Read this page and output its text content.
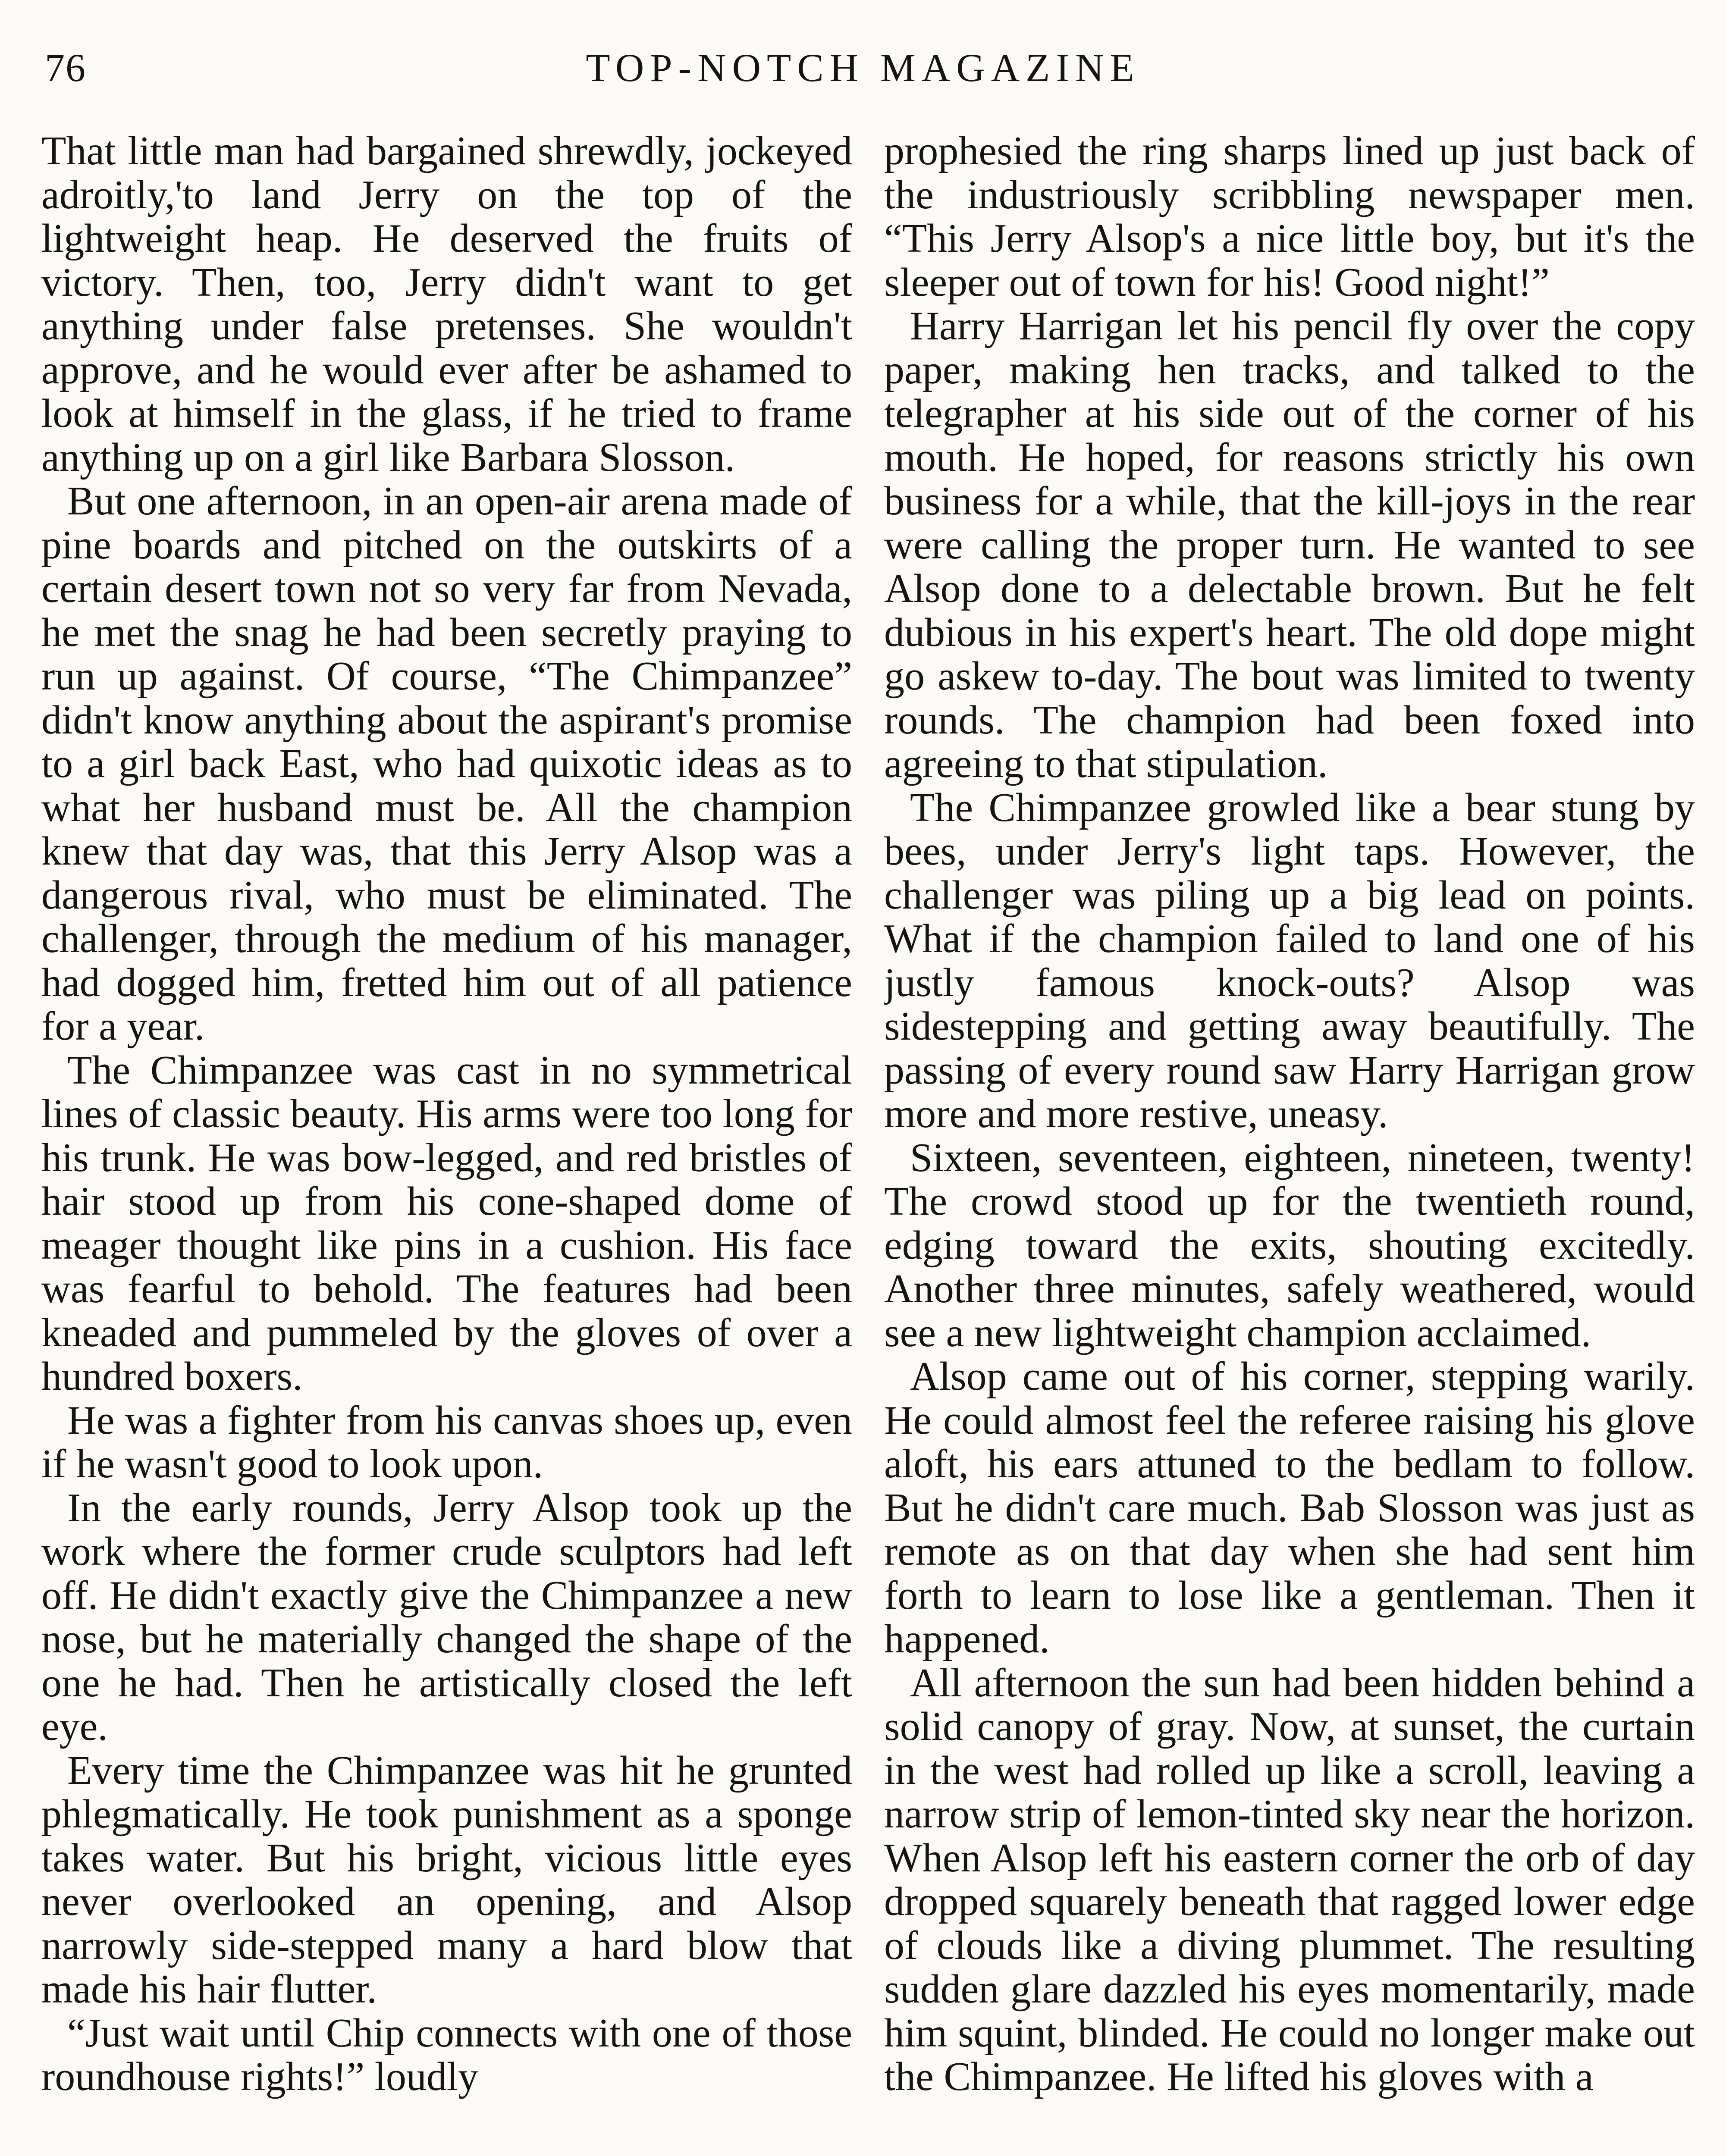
76	TOP-NOTCH MAGAZINE

That little man had bargained shrewdly, jockeyed adroitly,'to land Jerry on the top of the lightweight heap. He deserved the fruits of victory. Then, too, Jerry didn't want to get anything under false pretenses. She wouldn't approve, and he would ever after be ashamed to look at himself in the glass, if he tried to frame anything up on a girl like Barbara Slosson.

But one afternoon, in an open-air arena made of pine boards and pitched on the outskirts of a certain desert town not so very far from Nevada, he met the snag he had been secretly praying to run up against. Of course, “The Chimpanzee” didn't know anything about the aspirant's promise to a girl back East, who had quixotic ideas as to what her husband must be. All the champion knew that day was, that this Jerry Alsop was a dangerous rival, who must be eliminated. The challenger, through the medium of his manager, had dogged him, fretted him out of all patience for a year.

The Chimpanzee was cast in no symmetrical lines of classic beauty. His arms were too long for his trunk. He was bow-legged, and red bristles of hair stood up from his cone-shaped dome of meager thought like pins in a cushion. His face was fearful to behold. The features had been kneaded and pummeled by the gloves of over a hundred boxers.

He was a fighter from his canvas shoes up, even if he wasn't good to look upon.

In the early rounds, Jerry Alsop took up the work where the former crude sculptors had left off. He didn't exactly give the Chimpanzee a new nose, but he materially changed the shape of the one he had. Then he artistically closed the left eye.

Every time the Chimpanzee was hit he grunted phlegmatically. He took punishment as a sponge takes water. But his bright, vicious little eyes never overlooked an opening, and Alsop narrowly side-stepped many a hard blow that made his hair flutter.

“Just wait until Chip connects with one of those roundhouse rights!” loudly

prophesied the ring sharps lined up just back of the industriously scribbling newspaper men. “This Jerry Alsop's a nice little boy, but it's the sleeper out of town for his! Good night!”

Harry Harrigan let his pencil fly over the copy paper, making hen tracks, and talked to the telegrapher at his side out of the corner of his mouth. He hoped, for reasons strictly his own business for a while, that the kill-joys in the rear were calling the proper turn. He wanted to see Alsop done to a delectable brown. But he felt dubious in his expert's heart. The old dope might go askew to-day. The bout was limited to twenty rounds. The champion had been foxed into agreeing to that stipulation.

The Chimpanzee growled like a bear stung by bees, under Jerry's light taps. However, the challenger was piling up a big lead on points. What if the champion failed to land one of his justly famous knock-outs? Alsop was sidestepping and getting away beautifully. The passing of every round saw Harry Harrigan grow more and more restive, uneasy.

Sixteen, seventeen, eighteen, nineteen, twenty! The crowd stood up for the twentieth round, edging toward the exits, shouting excitedly. Another three minutes, safely weathered, would see a new lightweight champion acclaimed.

Alsop came out of his corner, stepping warily. He could almost feel the referee raising his glove aloft, his ears attuned to the bedlam to follow. But he didn't care much. Bab Slosson was just as remote as on that day when she had sent him forth to learn to lose like a gentleman. Then it happened.

All afternoon the sun had been hidden behind a solid canopy of gray. Now, at sunset, the curtain in the west had rolled up like a scroll, leaving a narrow strip of lemon-tinted sky near the horizon. When Alsop left his eastern corner the orb of day dropped squarely beneath that ragged lower edge of clouds like a diving plummet. The resulting sudden glare dazzled his eyes momentarily, made him squint, blinded. He could no longer make out the Chimpanzee. He lifted his gloves with a
